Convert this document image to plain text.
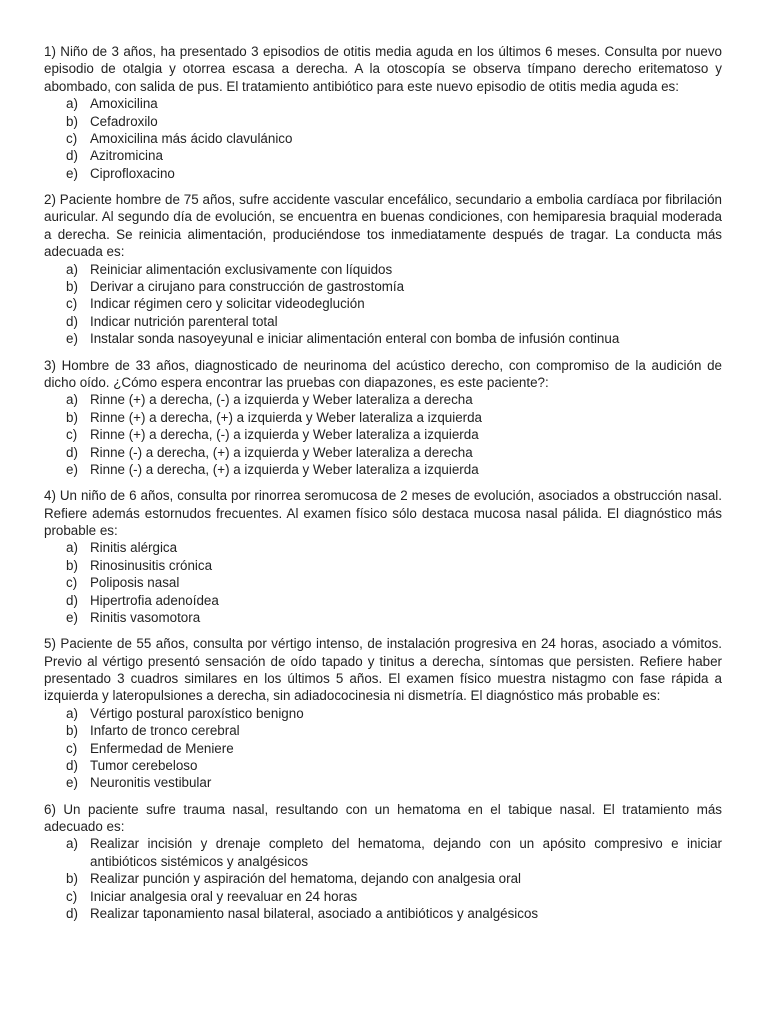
1) Niño de 3 años, ha presentado 3 episodios de otitis media aguda en los últimos 6 meses. Consulta por nuevo episodio de otalgia y otorrea escasa a derecha. A la otoscopía se observa tímpano derecho eritematoso y abombado, con salida de pus. El tratamiento antibiótico para este nuevo episodio de otitis media aguda es:

a) Amoxicilina
b) Cefadroxilo
c) Amoxicilina más ácido clavulánico
d) Azitromicina
e) Ciprofloxacino

2) Paciente hombre de 75 años, sufre accidente vascular encefálico, secundario a embolia cardíaca por fibrilación auricular. Al segundo día de evolución, se encuentra en buenas condiciones, con hemiparesia braquial moderada a derecha. Se reinicia alimentación, produciéndose tos inmediatamente después de tragar. La conducta más adecuada es:

a) Reiniciar alimentación exclusivamente con líquidos
b) Derivar a cirujano para construcción de gastrostomía
c) Indicar régimen cero y solicitar videodeglución
d) Indicar nutrición parenteral total
e) Instalar sonda nasoyeyunal e iniciar alimentación enteral con bomba de infusión continua

3) Hombre de 33 años, diagnosticado de neurinoma del acústico derecho, con compromiso de la audición de dicho oído. ¿Cómo espera encontrar las pruebas con diapazones, es este paciente?:

a) Rinne (+) a derecha, (-) a izquierda y Weber lateraliza a derecha
b) Rinne (+) a derecha, (+) a izquierda y Weber lateraliza a izquierda
c) Rinne (+) a derecha, (-) a izquierda y Weber lateraliza a izquierda
d) Rinne (-) a derecha, (+) a izquierda y Weber lateraliza a derecha
e) Rinne (-) a derecha, (+) a izquierda y Weber lateraliza a izquierda

4) Un niño de 6 años, consulta por rinorrea seromucosa de 2 meses de evolución, asociados a obstrucción nasal. Refiere además estornudos frecuentes. Al examen físico sólo destaca mucosa nasal pálida. El diagnóstico más probable es:

a) Rinitis alérgica
b) Rinosinusitis crónica
c) Poliposis nasal
d) Hipertrofia adenoídea
e) Rinitis vasomotora

5) Paciente de 55 años, consulta por vértigo intenso, de instalación progresiva en 24 horas, asociado a vómitos. Previo al vértigo presentó sensación de oído tapado y tinitus a derecha, síntomas que persisten. Refiere haber presentado 3 cuadros similares en los últimos 5 años. El examen físico muestra nistagmo con fase rápida a izquierda y lateropulsiones a derecha, sin adiadococinesia ni dismetría. El diagnóstico más probable es:

a) Vértigo postural paroxístico benigno
b) Infarto de tronco cerebral
c) Enfermedad de Meniere
d) Tumor cerebeloso
e) Neuronitis vestibular

6) Un paciente sufre trauma nasal, resultando con un hematoma en el tabique nasal. El tratamiento más adecuado es:

a) Realizar incisión y drenaje completo del hematoma, dejando con un apósito compresivo e iniciar antibióticos sistémicos y analgésicos
b) Realizar punción y aspiración del hematoma, dejando con analgesia oral
c) Iniciar analgesia oral y reevaluar en 24 horas
d) Realizar taponamiento nasal bilateral, asociado a antibióticos y analgésicos
